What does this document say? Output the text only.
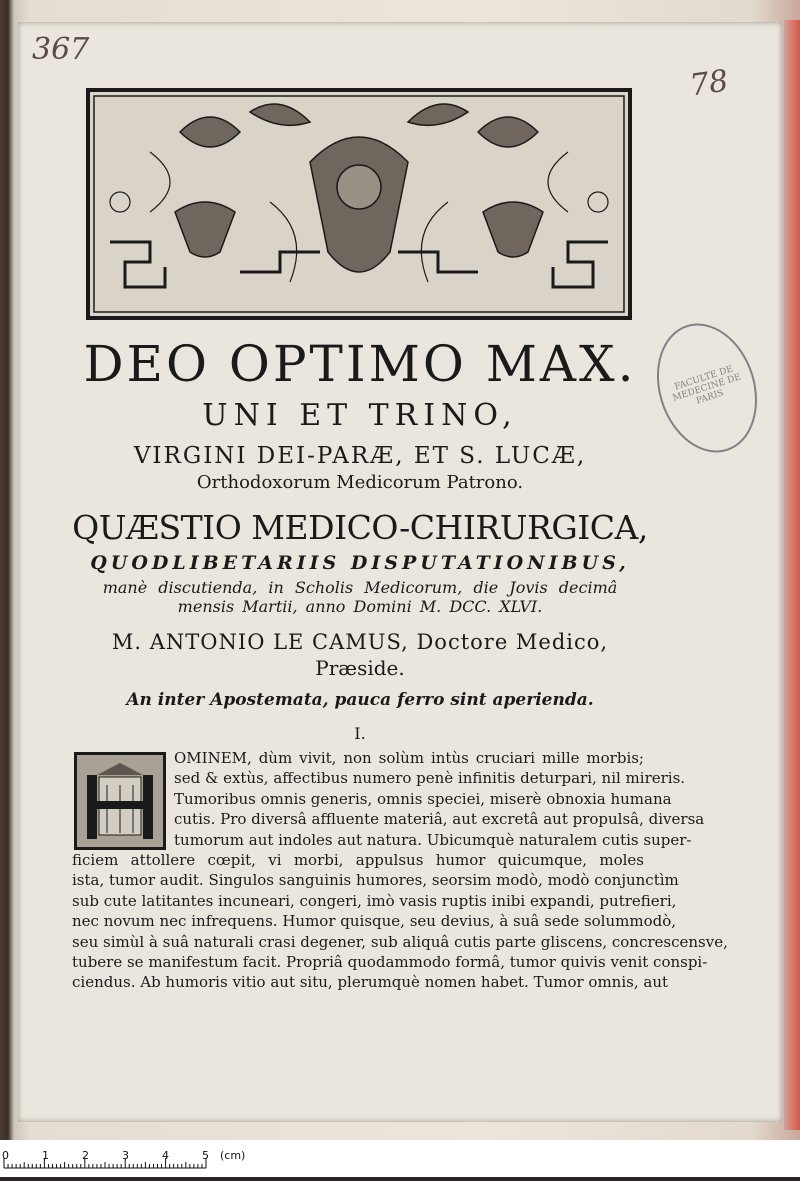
367
78
FACULTE DE MEDECINE DE PARIS
DEO OPTIMO MAX.
UNI ET TRINO,
VIRGINI DEI-PARÆ, ET S. LUCÆ,
Orthodoxorum Medicorum Patrono.
QUÆSTIO MEDICO-CHIRURGICA,
QUODLIBETARIIS DISPUTATIONIBUS,
manè discutienda, in Scholis Medicorum, die Jovis decimâ
mensis Martii, anno Domini M. DCC. XLVI.
M. ANTONIO LE CAMUS, Doctore Medico,
Præside.
An inter Apostemata, pauca ferro sint aperienda.
I.
OMINEM, dùm vivit, non solùm intùs cruciari mille morbis;
sed & extùs, affectibus numero penè infinitis deturpari, nil mireris.
Tumoribus omnis generis, omnis speciei, miserè obnoxia humana
cutis. Pro diversâ affluente materiâ, aut excretâ aut propulsâ, diversa
tumorum aut indoles aut natura. Ubicumquè naturalem cutis super-
ficiem attollere cœpit, vi morbi, appulsus humor quicumque, moles
ista, tumor audit. Singulos sanguinis humores, seorsim modò, modò conjunctìm
sub cute latitantes incuneari, congeri, imò vasis ruptis inibi expandi, putrefieri,
nec novum nec infrequens. Humor quisque, seu devius, à suâ sede solummodò,
seu simùl à suâ naturali crasi degener, sub aliquâ cutis parte gliscens, concrescensve,
tubere se manifestum facit. Propriâ quodammodo formâ, tumor quivis venit conspi-
ciendus. Ab humoris vitio aut situ, plerumquè nomen habet. Tumor omnis, aut
0	1	2	3	4	5 (cm)
